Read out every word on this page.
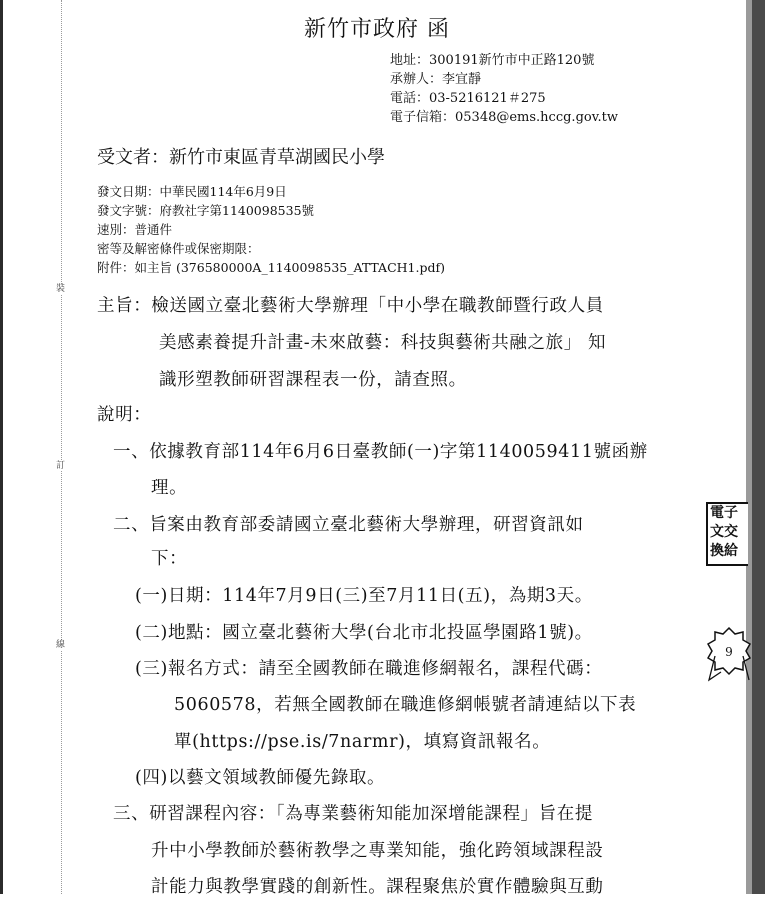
裝
訂
線
新竹市政府 函
地址：300191新竹市中正路120號
承辦人：李宜靜
電話：03-5216121＃275
電子信箱：05348@ems.hccg.gov.tw
受文者：新竹市東區青草湖國民小學
發文日期：中華民國114年6月9日
發文字號：府教社字第1140098535號
速別：普通件
密等及解密條件或保密期限：
附件：如主旨 (376580000A_1140098535_ATTACH1.pdf)
主旨：檢送國立臺北藝術大學辦理「中小學在職教師暨行政人員
美感素養提升計畫-未來啟藝：科技與藝術共融之旅」 知
識形塑教師研習課程表一份，請查照。
說明：
一、依據教育部114年6月6日臺教師(一)字第1140059411號函辦
理。
二、旨案由教育部委請國立臺北藝術大學辦理，研習資訊如
下：
(一)日期：114年7月9日(三)至7月11日(五)，為期3天。
(二)地點：國立臺北藝術大學(台北市北投區學園路1號)。
(三)報名方式：請至全國教師在職進修網報名，課程代碼：
5060578，若無全國教師在職進修網帳號者請連結以下表
單(https://pse.is/7narmr)，填寫資訊報名。
(四)以藝文領域教師優先錄取。
三、研習課程內容：「為專業藝術知能加深增能課程」旨在提
升中小學教師於藝術教學之專業知能，強化跨領域課程設
計能力與教學實踐的創新性。課程聚焦於實作體驗與互動
電子
文交
換給
9
